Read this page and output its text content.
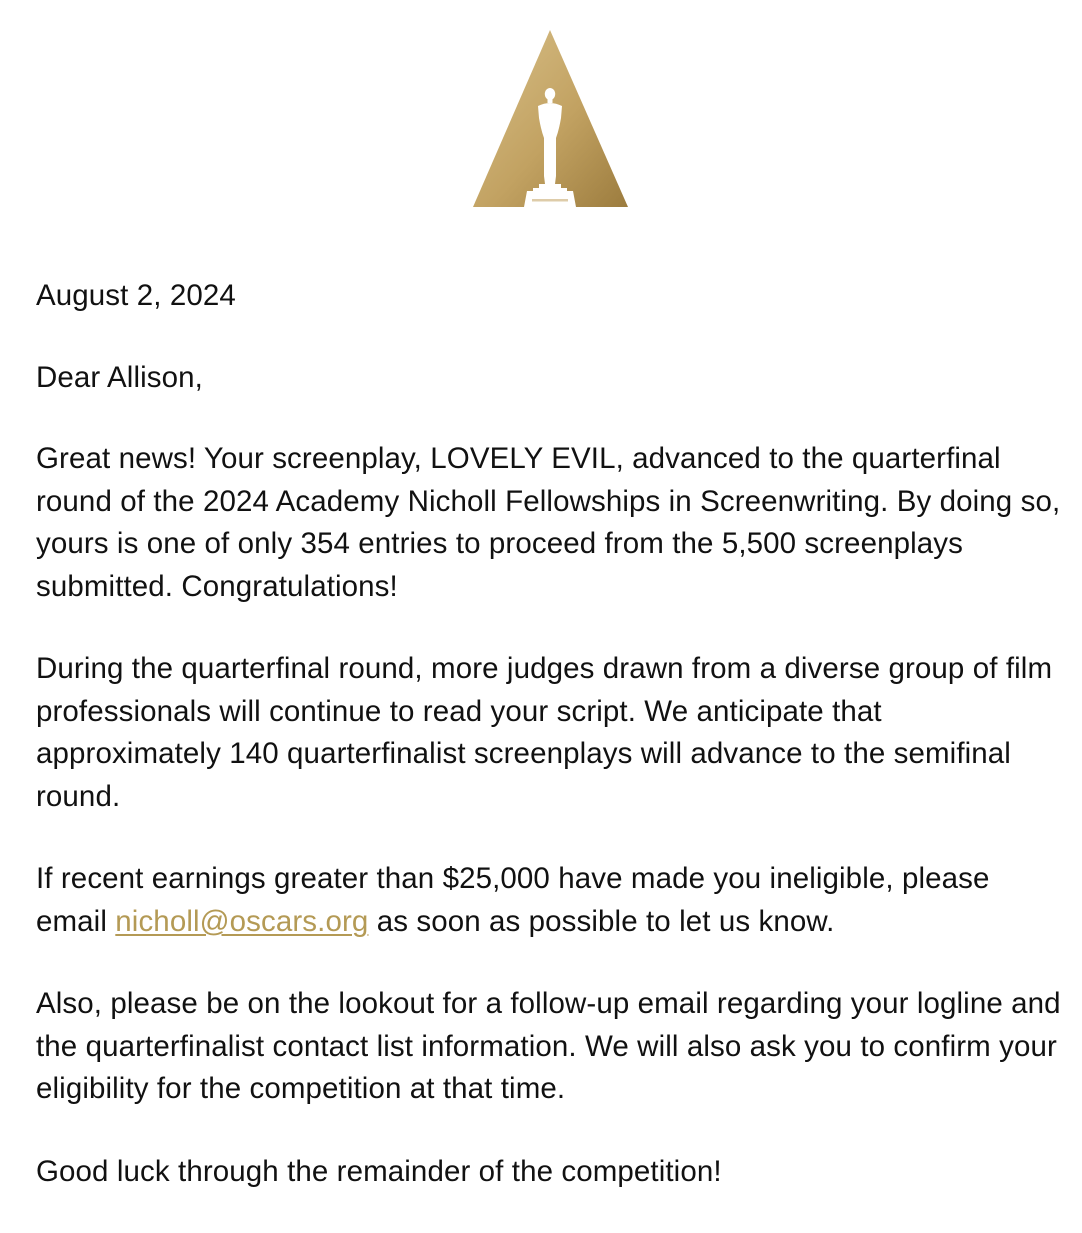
August 2, 2024

Dear Allison,

Great news! Your screenplay, LOVELY EVIL, advanced to the quarterfinal round of the 2024 Academy Nicholl Fellowships in Screenwriting. By doing so, yours is one of only 354 entries to proceed from the 5,500 screenplays submitted. Congratulations!

During the quarterfinal round, more judges drawn from a diverse group of film professionals will continue to read your script. We anticipate that approximately 140 quarterfinalist screenplays will advance to the semifinal round.

If recent earnings greater than $25,000 have made you ineligible, please email nicholl@oscars.org as soon as possible to let us know.

Also, please be on the lookout for a follow-up email regarding your logline and the quarterfinalist contact list information. We will also ask you to confirm your eligibility for the competition at that time.

Good luck through the remainder of the competition!
